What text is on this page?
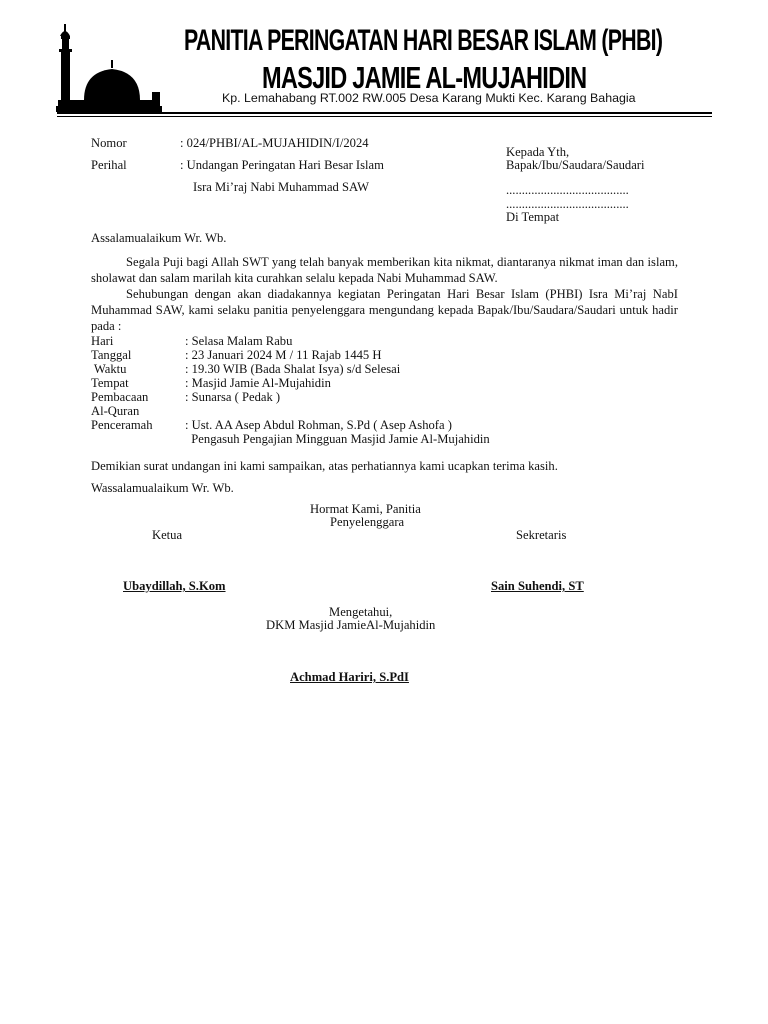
PANITIA PERINGATAN HARI BESAR ISLAM (PHBI)
MASJID JAMIE AL-MUJAHIDIN
Kp. Lemahabang RT.002 RW.005 Desa Karang Mukti Kec. Karang Bahagia
Nomor	: 024/PHBI/AL-MUJAHIDIN/I/2024
Perihal	: Undangan Peringatan Hari Besar Islam
Isra Mi’raj Nabi Muhammad SAW
Kepada Yth,
Bapak/Ibu/Saudara/Saudari
.......................................
.......................................
Di Tempat
Assalamualaikum Wr. Wb.
Segala Puji bagi Allah SWT yang telah banyak memberikan kita nikmat, diantaranya nikmat iman dan islam, sholawat dan salam marilah kita curahkan selalu kepada Nabi Muhammad SAW.
Sehubungan dengan akan diadakannya kegiatan Peringatan Hari Besar Islam (PHBI) Isra Mi’raj NabI Muhammad SAW, kami selaku panitia penyelenggara mengundang kepada Bapak/Ibu/Saudara/Saudari untuk hadir pada :
Hari	: Selasa Malam Rabu
Tanggal	: 23 Januari 2024 M / 11 Rajab 1445 H
Waktu	: 19.30 WIB (Bada Shalat Isya) s/d Selesai
Tempat	: Masjid Jamie Al-Mujahidin
Pembacaan	: Sunarsa ( Pedak )
Al-Quran
Penceramah	: Ust. AA Asep Abdul Rohman, S.Pd ( Asep Ashofa )
Pengasuh Pengajian Mingguan Masjid Jamie Al-Mujahidin
Demikian surat undangan ini kami sampaikan, atas perhatiannya kami ucapkan terima kasih.
Wassalamualaikum Wr. Wb.
Hormat Kami, Panitia
Penyelenggara
Ketua	Sekretaris
Ubaydillah, S.Kom	Sain Suhendi, ST
Mengetahui,
DKM Masjid JamieAl-Mujahidin
Achmad Hariri, S.PdI
